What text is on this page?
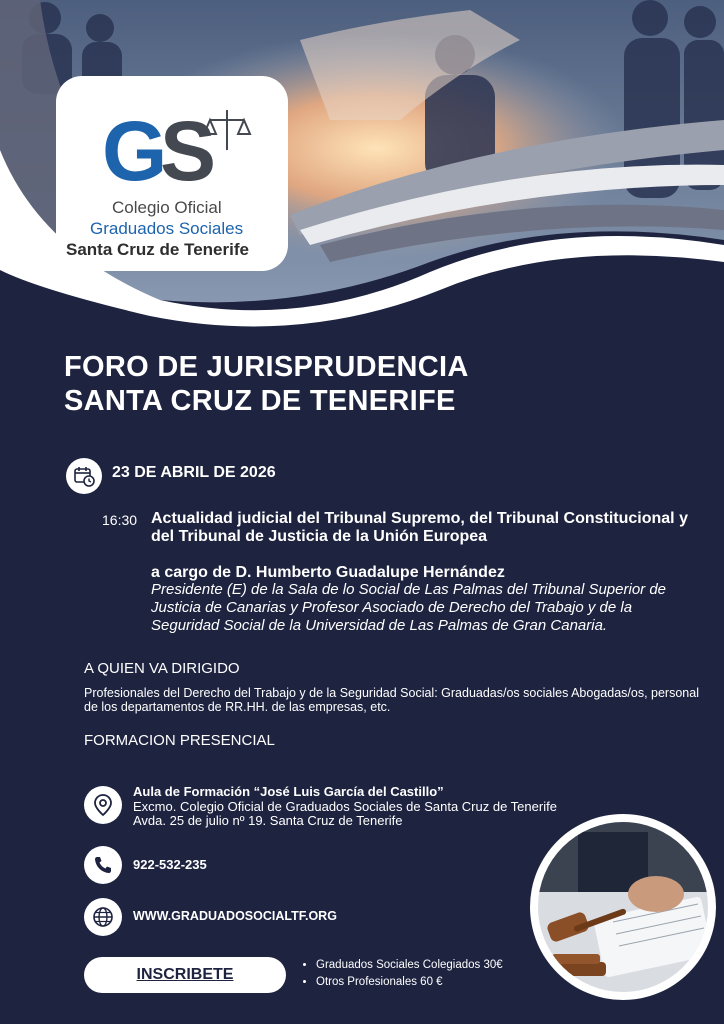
G
S
Colegio Oficial
Graduados Sociales
Santa Cruz de Tenerife
FORO DE JURISPRUDENCIA
SANTA CRUZ DE TENERIFE
23 DE ABRIL DE 2026
16:30 Actualidad judicial del Tribunal Supremo, del Tribunal Constitucional y del Tribunal de Justicia de la Unión Europea
a cargo de D. Humberto Guadalupe Hernández
Presidente (E) de la Sala de lo Social de Las Palmas del Tribunal Superior de Justicia de Canarias y Profesor Asociado de Derecho del Trabajo y de la Seguridad Social de la Universidad de Las Palmas de Gran Canaria.
A QUIEN VA DIRIGIDO
Profesionales del Derecho del Trabajo y de la Seguridad Social: Graduadas/os sociales Abogadas/os, personal de los departamentos de RR.HH. de las empresas, etc.
FORMACION PRESENCIAL
Aula de Formación “José Luis García del Castillo”
Excmo. Colegio Oficial de Graduados Sociales de Santa Cruz de Tenerife
Avda. 25 de julio nº 19. Santa Cruz de Tenerife
922-532-235
WWW.GRADUADOSOCIALTF.ORG
INSCRIBETE
• Graduados Sociales Colegiados 30€
• Otros Profesionales 60 €
